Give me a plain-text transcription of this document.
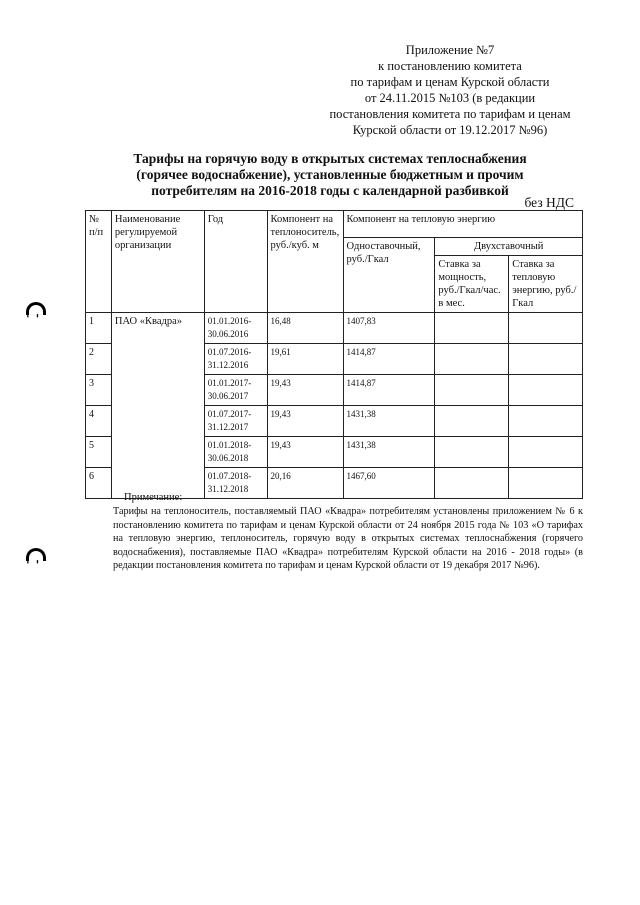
Приложение №7
к постановлению комитета
по тарифам и ценам Курской области
от 24.11.2015 №103 (в редакции
постановления комитета по тарифам и ценам
Курской области от 19.12.2017 №96)
Тарифы на горячую воду в открытых системах теплоснабжения
(горячее водоснабжение), установленные бюджетным и прочим
потребителям на 2016-2018 годы с календарной разбивкой
без НДС
№ п/п	Наименование регулируемой организации	Год	Компонент на теплоноситель, руб./куб. м	Компонент на тепловую энергию		
				Одноставочный, руб./Гкал	Двухставочный	
					Ставка за мощность, руб./Гкал/час. в мес.	Ставка за тепловую энергию, руб./Гкал
1	ПАО «Квадра»	01.01.2016-30.06.2016	16,48	1407,83		
2		01.07.2016-31.12.2016	19,61	1414,87		
3		01.01.2017-30.06.2017	19,43	1414,87		
4		01.07.2017-31.12.2017	19,43	1431,38		
5		01.01.2018-30.06.2018	19,43	1431,38		
6		01.07.2018-31.12.2018	20,16	1467,60		
Примечание:
Тарифы на теплоноситель, поставляемый ПАО «Квадра» потребителям установлены приложением № 6 к постановлению комитета по тарифам и ценам Курской области от 24 ноября 2015 года № 103 «О тарифах на тепловую энергию, теплоноситель, горячую воду в открытых системах теплоснабжения (горячего водоснабжения), поставляемые ПАО «Квадра» потребителям Курской области на 2016 - 2018 годы» (в редакции постановления комитета по тарифам и ценам Курской области от 19 декабря 2017 №96).
''
''
